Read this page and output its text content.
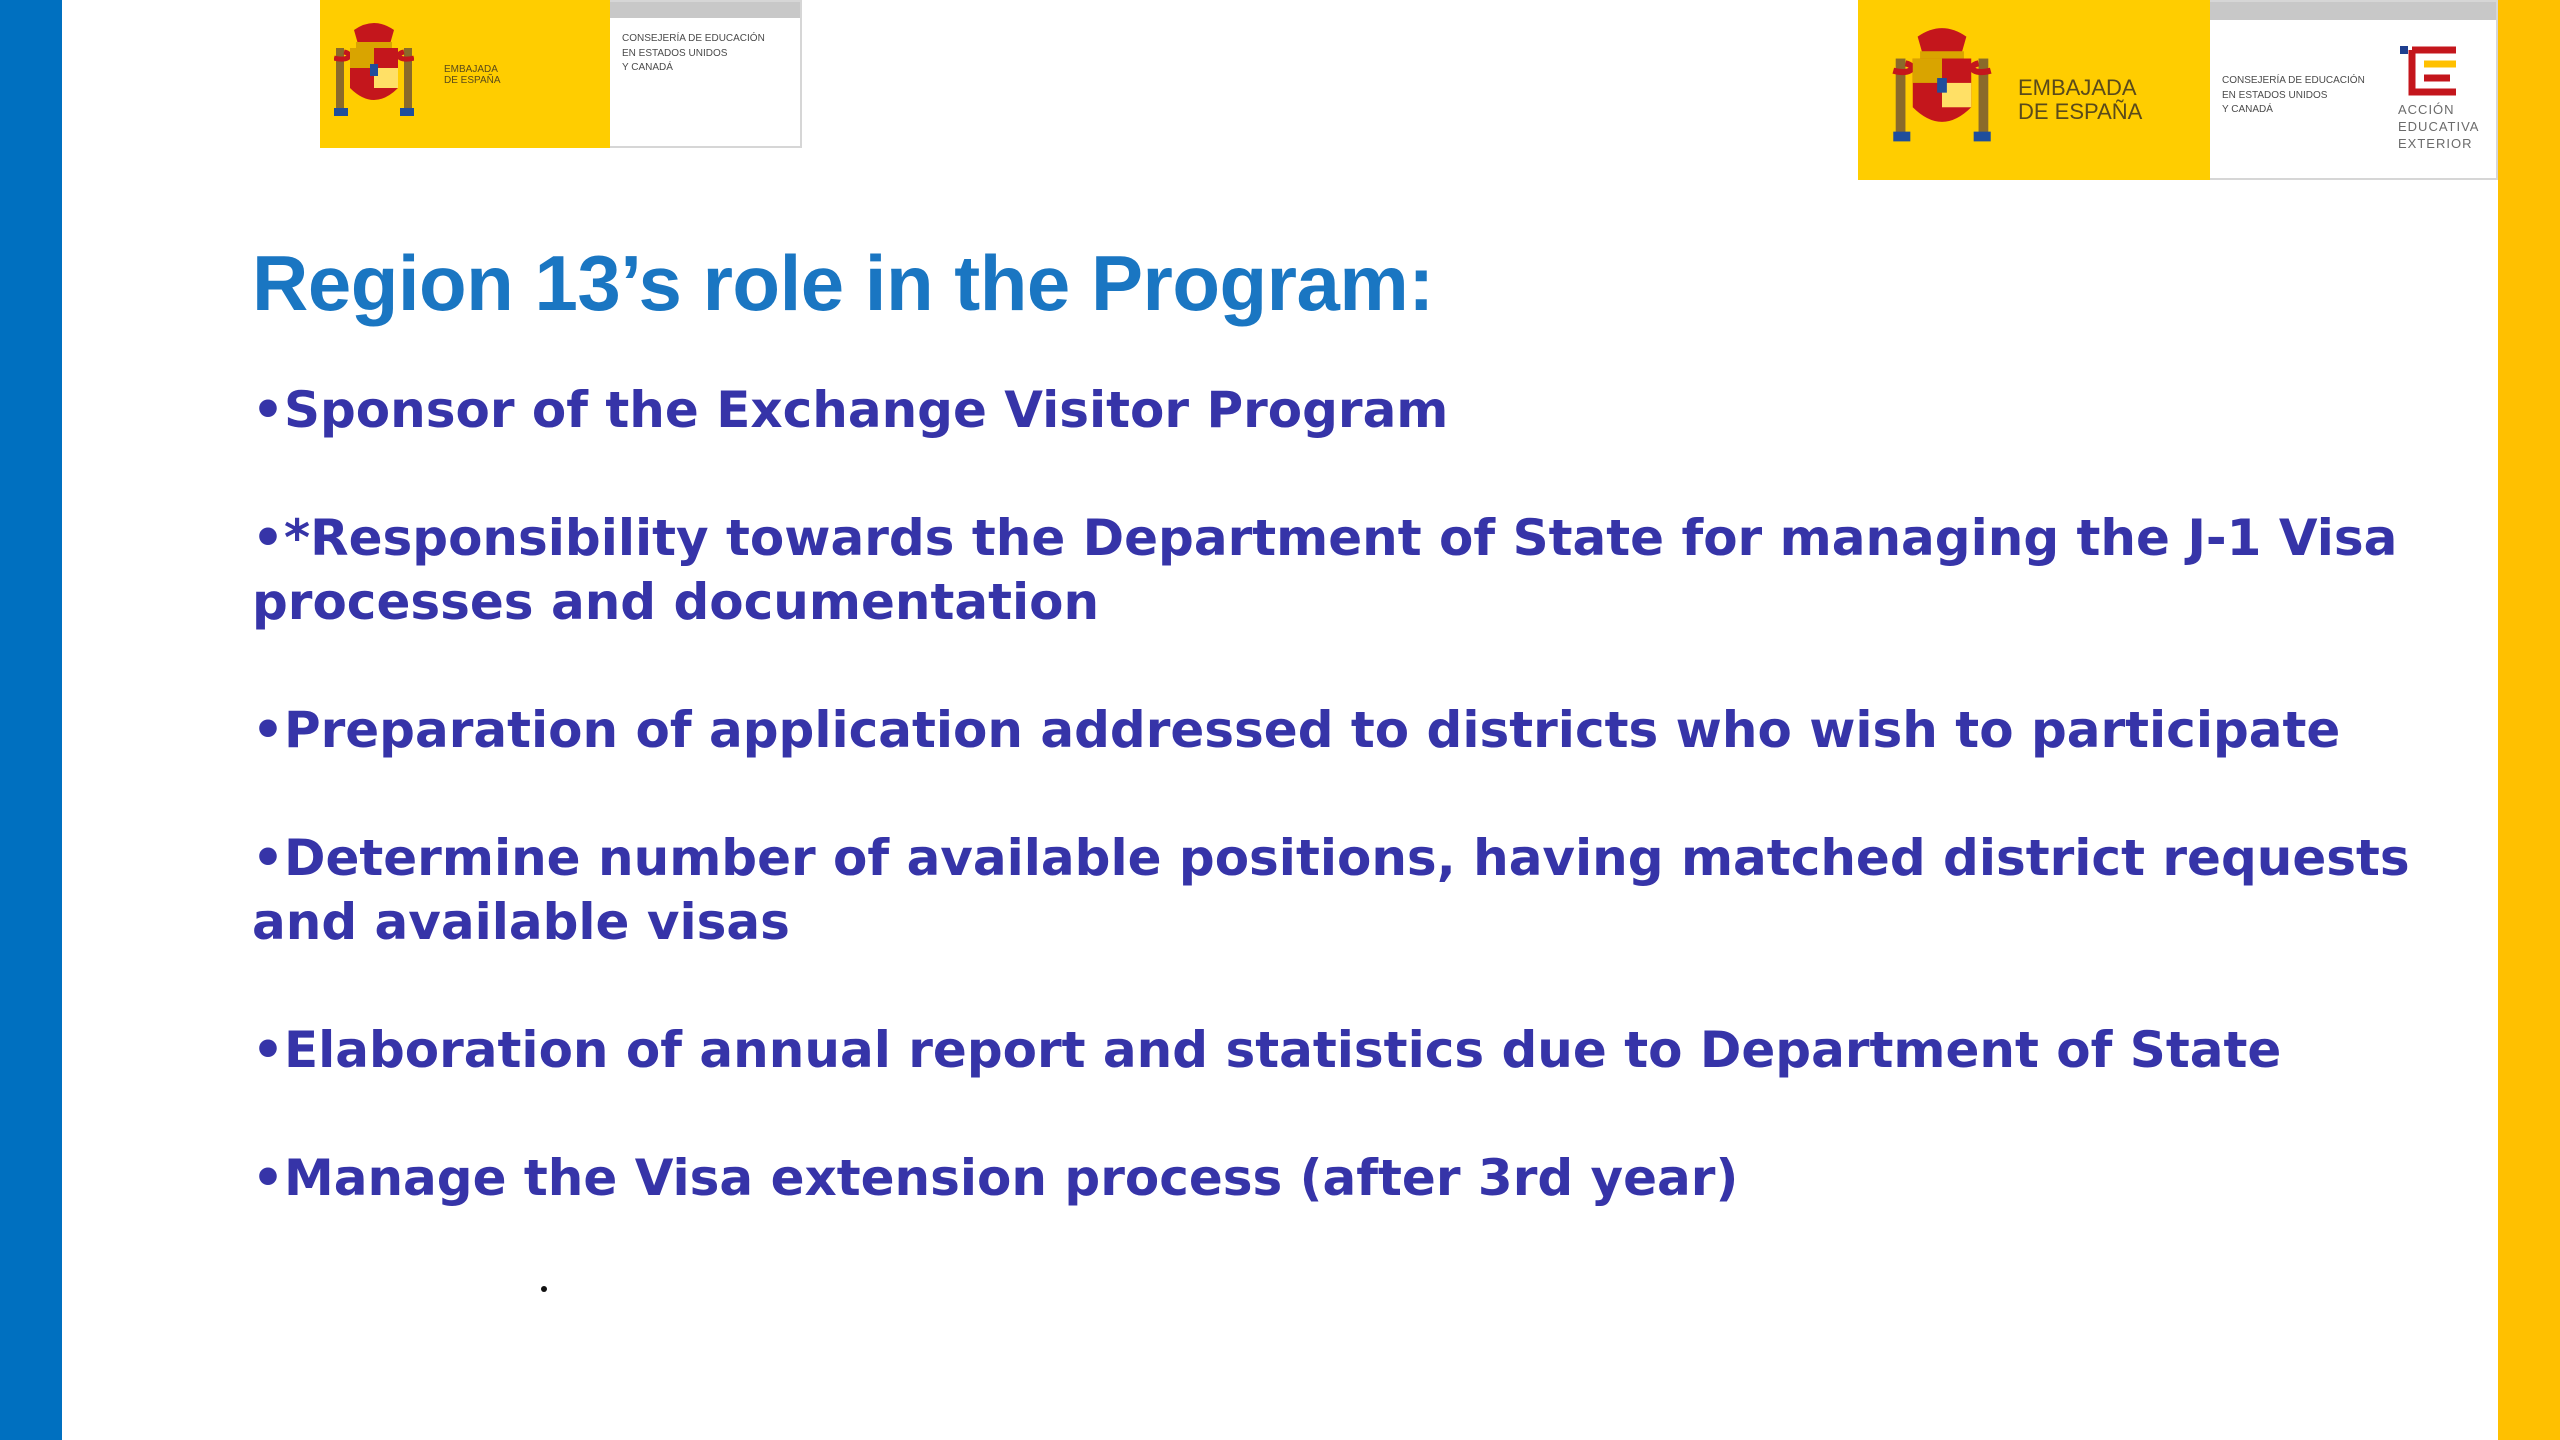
EMBAJADA
DE ESPAÑA
CONSEJERÍA DE EDUCACIÓN
EN ESTADOS UNIDOS
Y CANADÁ
EMBAJADA
DE ESPAÑA
CONSEJERÍA DE EDUCACIÓN
EN ESTADOS UNIDOS
Y CANADÁ	ACCIÓN
EDUCATIVA
EXTERIOR
Region 13’s role in the Program:
•Sponsor of the Exchange Visitor Program
•*Responsibility towards the Department of State for managing the J-1 Visa processes and documentation
•Preparation of application addressed to districts who wish to participate
•Determine number of available positions, having matched district requests and available visas
•Elaboration of annual report and statistics due to Department of State
•Manage the Visa extension process (after 3rd year)
